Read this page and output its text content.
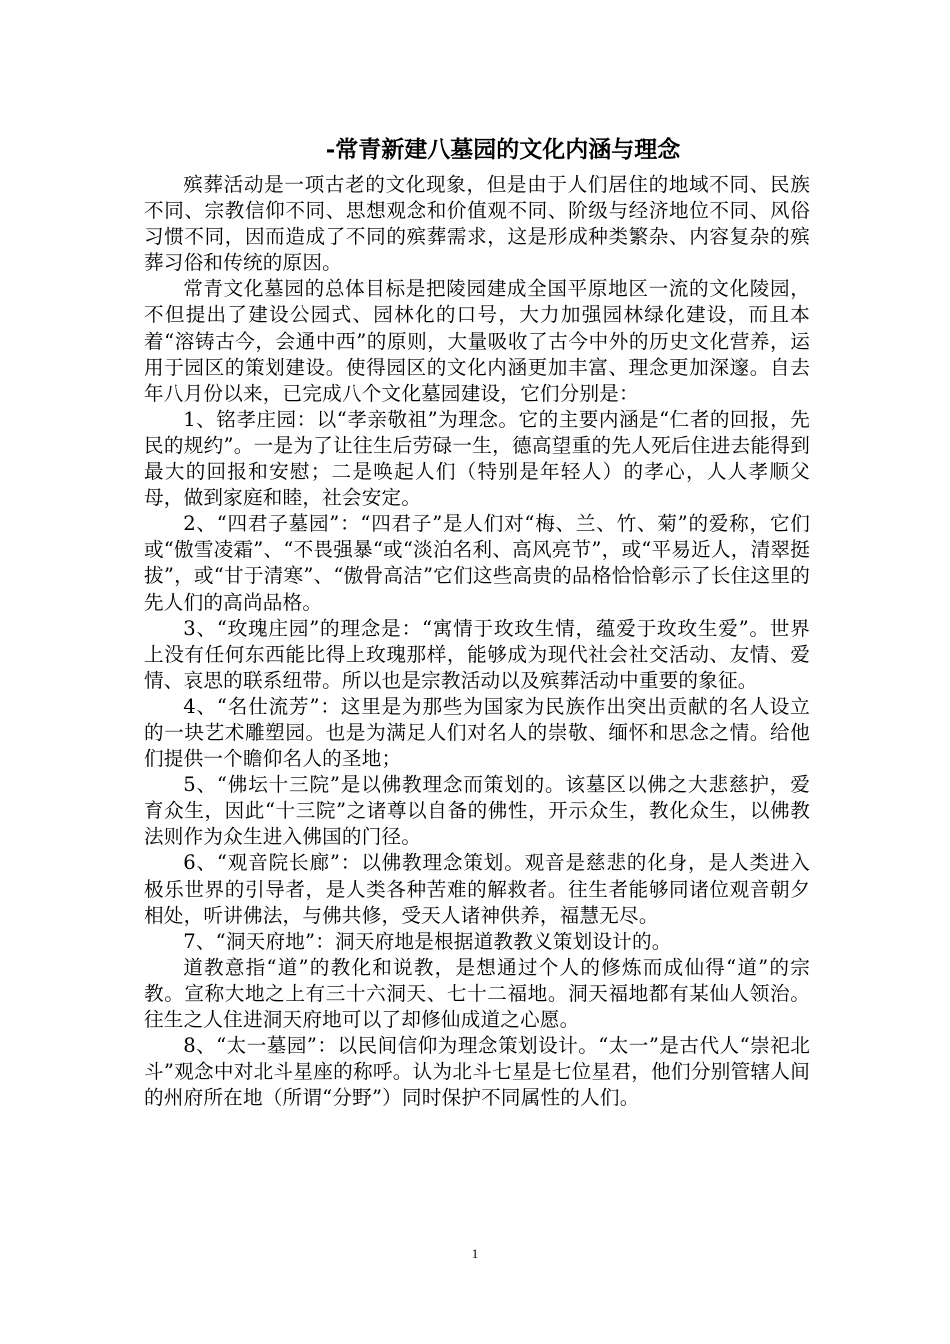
-常青新建八墓园的文化内涵与理念

殡葬活动是一项古老的文化现象，但是由于人们居住的地域不同、民族不同、宗教信仰不同、思想观念和价值观不同、阶级与经济地位不同、风俗习惯不同，因而造成了不同的殡葬需求，这是形成种类繁杂、内容复杂的殡葬习俗和传统的原因。

常青文化墓园的总体目标是把陵园建成全国平原地区一流的文化陵园，不但提出了建设公园式、园林化的口号，大力加强园林绿化建设，而且本着“溶铸古今，会通中西”的原则，大量吸收了古今中外的历史文化营养，运用于园区的策划建设。使得园区的文化内涵更加丰富、理念更加深邃。自去年八月份以来，已完成八个文化墓园建设，它们分别是：

1、铭孝庄园：以“孝亲敬祖”为理念。它的主要内涵是“仁者的回报，先民的规约”。一是为了让往生后劳碌一生，德高望重的先人死后住进去能得到最大的回报和安慰；二是唤起人们（特别是年轻人）的孝心，人人孝顺父母，做到家庭和睦，社会安定。

2、“四君子墓园”：“四君子”是人们对“梅、兰、竹、菊”的爱称，它们或“傲雪凌霜”、“不畏强暴“或“淡泊名利、高风亮节”，或“平易近人，清翠挺拔”，或“甘于清寒”、“傲骨高洁”它们这些高贵的品格恰恰彰示了长住这里的先人们的高尚品格。

3、“玫瑰庄园”的理念是：“寓情于玫玫生情，蕴爱于玫玫生爱”。世界上没有任何东西能比得上玫瑰那样，能够成为现代社会社交活动、友情、爱情、哀思的联系纽带。所以也是宗教活动以及殡葬活动中重要的象征。

4、“名仕流芳”：这里是为那些为国家为民族作出突出贡献的名人设立的一块艺术雕塑园。也是为满足人们对名人的崇敬、缅怀和思念之情。给他们提供一个瞻仰名人的圣地；

5、“佛坛十三院”是以佛教理念而策划的。该墓区以佛之大悲慈护，爱育众生，因此“十三院”之诸尊以自备的佛性，开示众生，教化众生，以佛教法则作为众生进入佛国的门径。

6、“观音院长廊”：以佛教理念策划。观音是慈悲的化身，是人类进入极乐世界的引导者，是人类各种苦难的解救者。往生者能够同诸位观音朝夕相处，听讲佛法，与佛共修，受天人诸神供养，福慧无尽。

7、“洞天府地”：洞天府地是根据道教教义策划设计的。

道教意指“道”的教化和说教，是想通过个人的修炼而成仙得“道”的宗教。宣称大地之上有三十六洞天、七十二福地。洞天福地都有某仙人领治。往生之人住进洞天府地可以了却修仙成道之心愿。

8、“太一墓园”：以民间信仰为理念策划设计。“太一”是古代人“崇祀北斗”观念中对北斗星座的称呼。认为北斗七星是七位星君，他们分别管辖人间的州府所在地（所谓“分野”）同时保护不同属性的人们。

1
